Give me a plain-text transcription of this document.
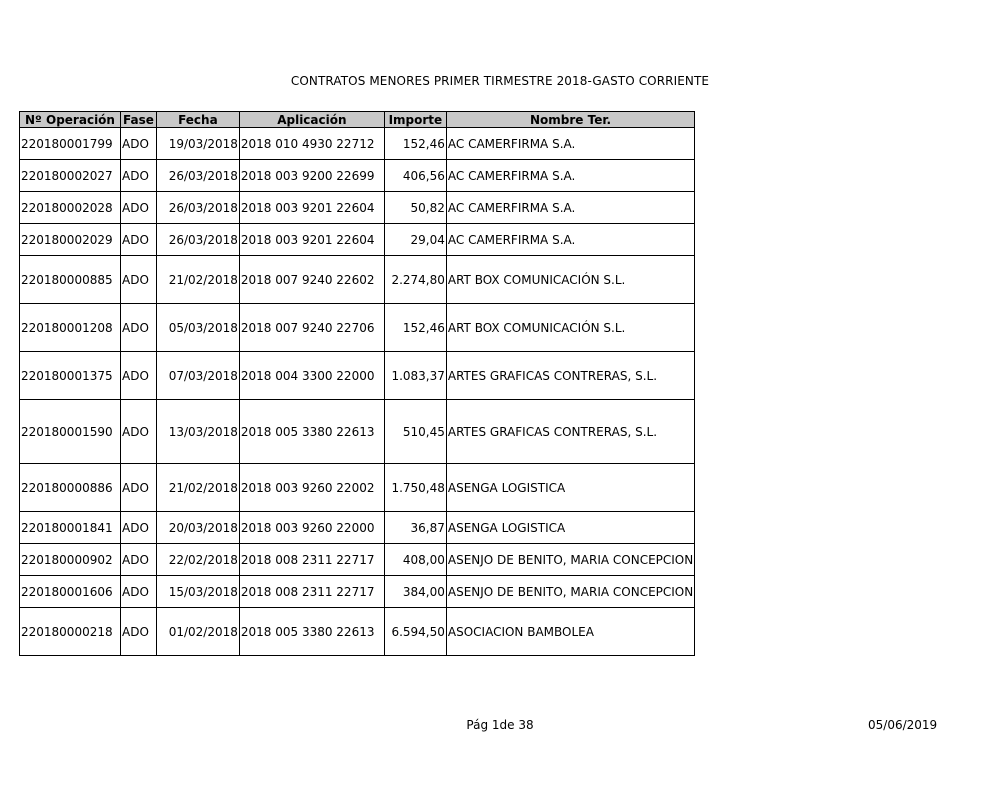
CONTRATOS MENORES PRIMER TIRMESTRE 2018-GASTO CORRIENTE
Nº Operación	Fase	Fecha	Aplicación	Importe	Nombre Ter.
220180001799	ADO	19/03/2018	2018 010 4930 22712	152,46	AC CAMERFIRMA S.A.
220180002027	ADO	26/03/2018	2018 003 9200 22699	406,56	AC CAMERFIRMA S.A.
220180002028	ADO	26/03/2018	2018 003 9201 22604	50,82	AC CAMERFIRMA S.A.
220180002029	ADO	26/03/2018	2018 003 9201 22604	29,04	AC CAMERFIRMA S.A.
220180000885	ADO	21/02/2018	2018 007 9240 22602	2.274,80	ART BOX COMUNICACIÓN S.L.
220180001208	ADO	05/03/2018	2018 007 9240 22706	152,46	ART BOX COMUNICACIÓN S.L.
220180001375	ADO	07/03/2018	2018 004 3300 22000	1.083,37	ARTES GRAFICAS CONTRERAS, S.L.
220180001590	ADO	13/03/2018	2018 005 3380 22613	510,45	ARTES GRAFICAS CONTRERAS, S.L.
220180000886	ADO	21/02/2018	2018 003 9260 22002	1.750,48	ASENGA LOGISTICA
220180001841	ADO	20/03/2018	2018 003 9260 22000	36,87	ASENGA LOGISTICA
220180000902	ADO	22/02/2018	2018 008 2311 22717	408,00	ASENJO DE BENITO, MARIA CONCEPCION
220180001606	ADO	15/03/2018	2018 008 2311 22717	384,00	ASENJO DE BENITO, MARIA CONCEPCION
220180000218	ADO	01/02/2018	2018 005 3380 22613	6.594,50	ASOCIACION BAMBOLEA
Pág 1de 38	05/06/2019
